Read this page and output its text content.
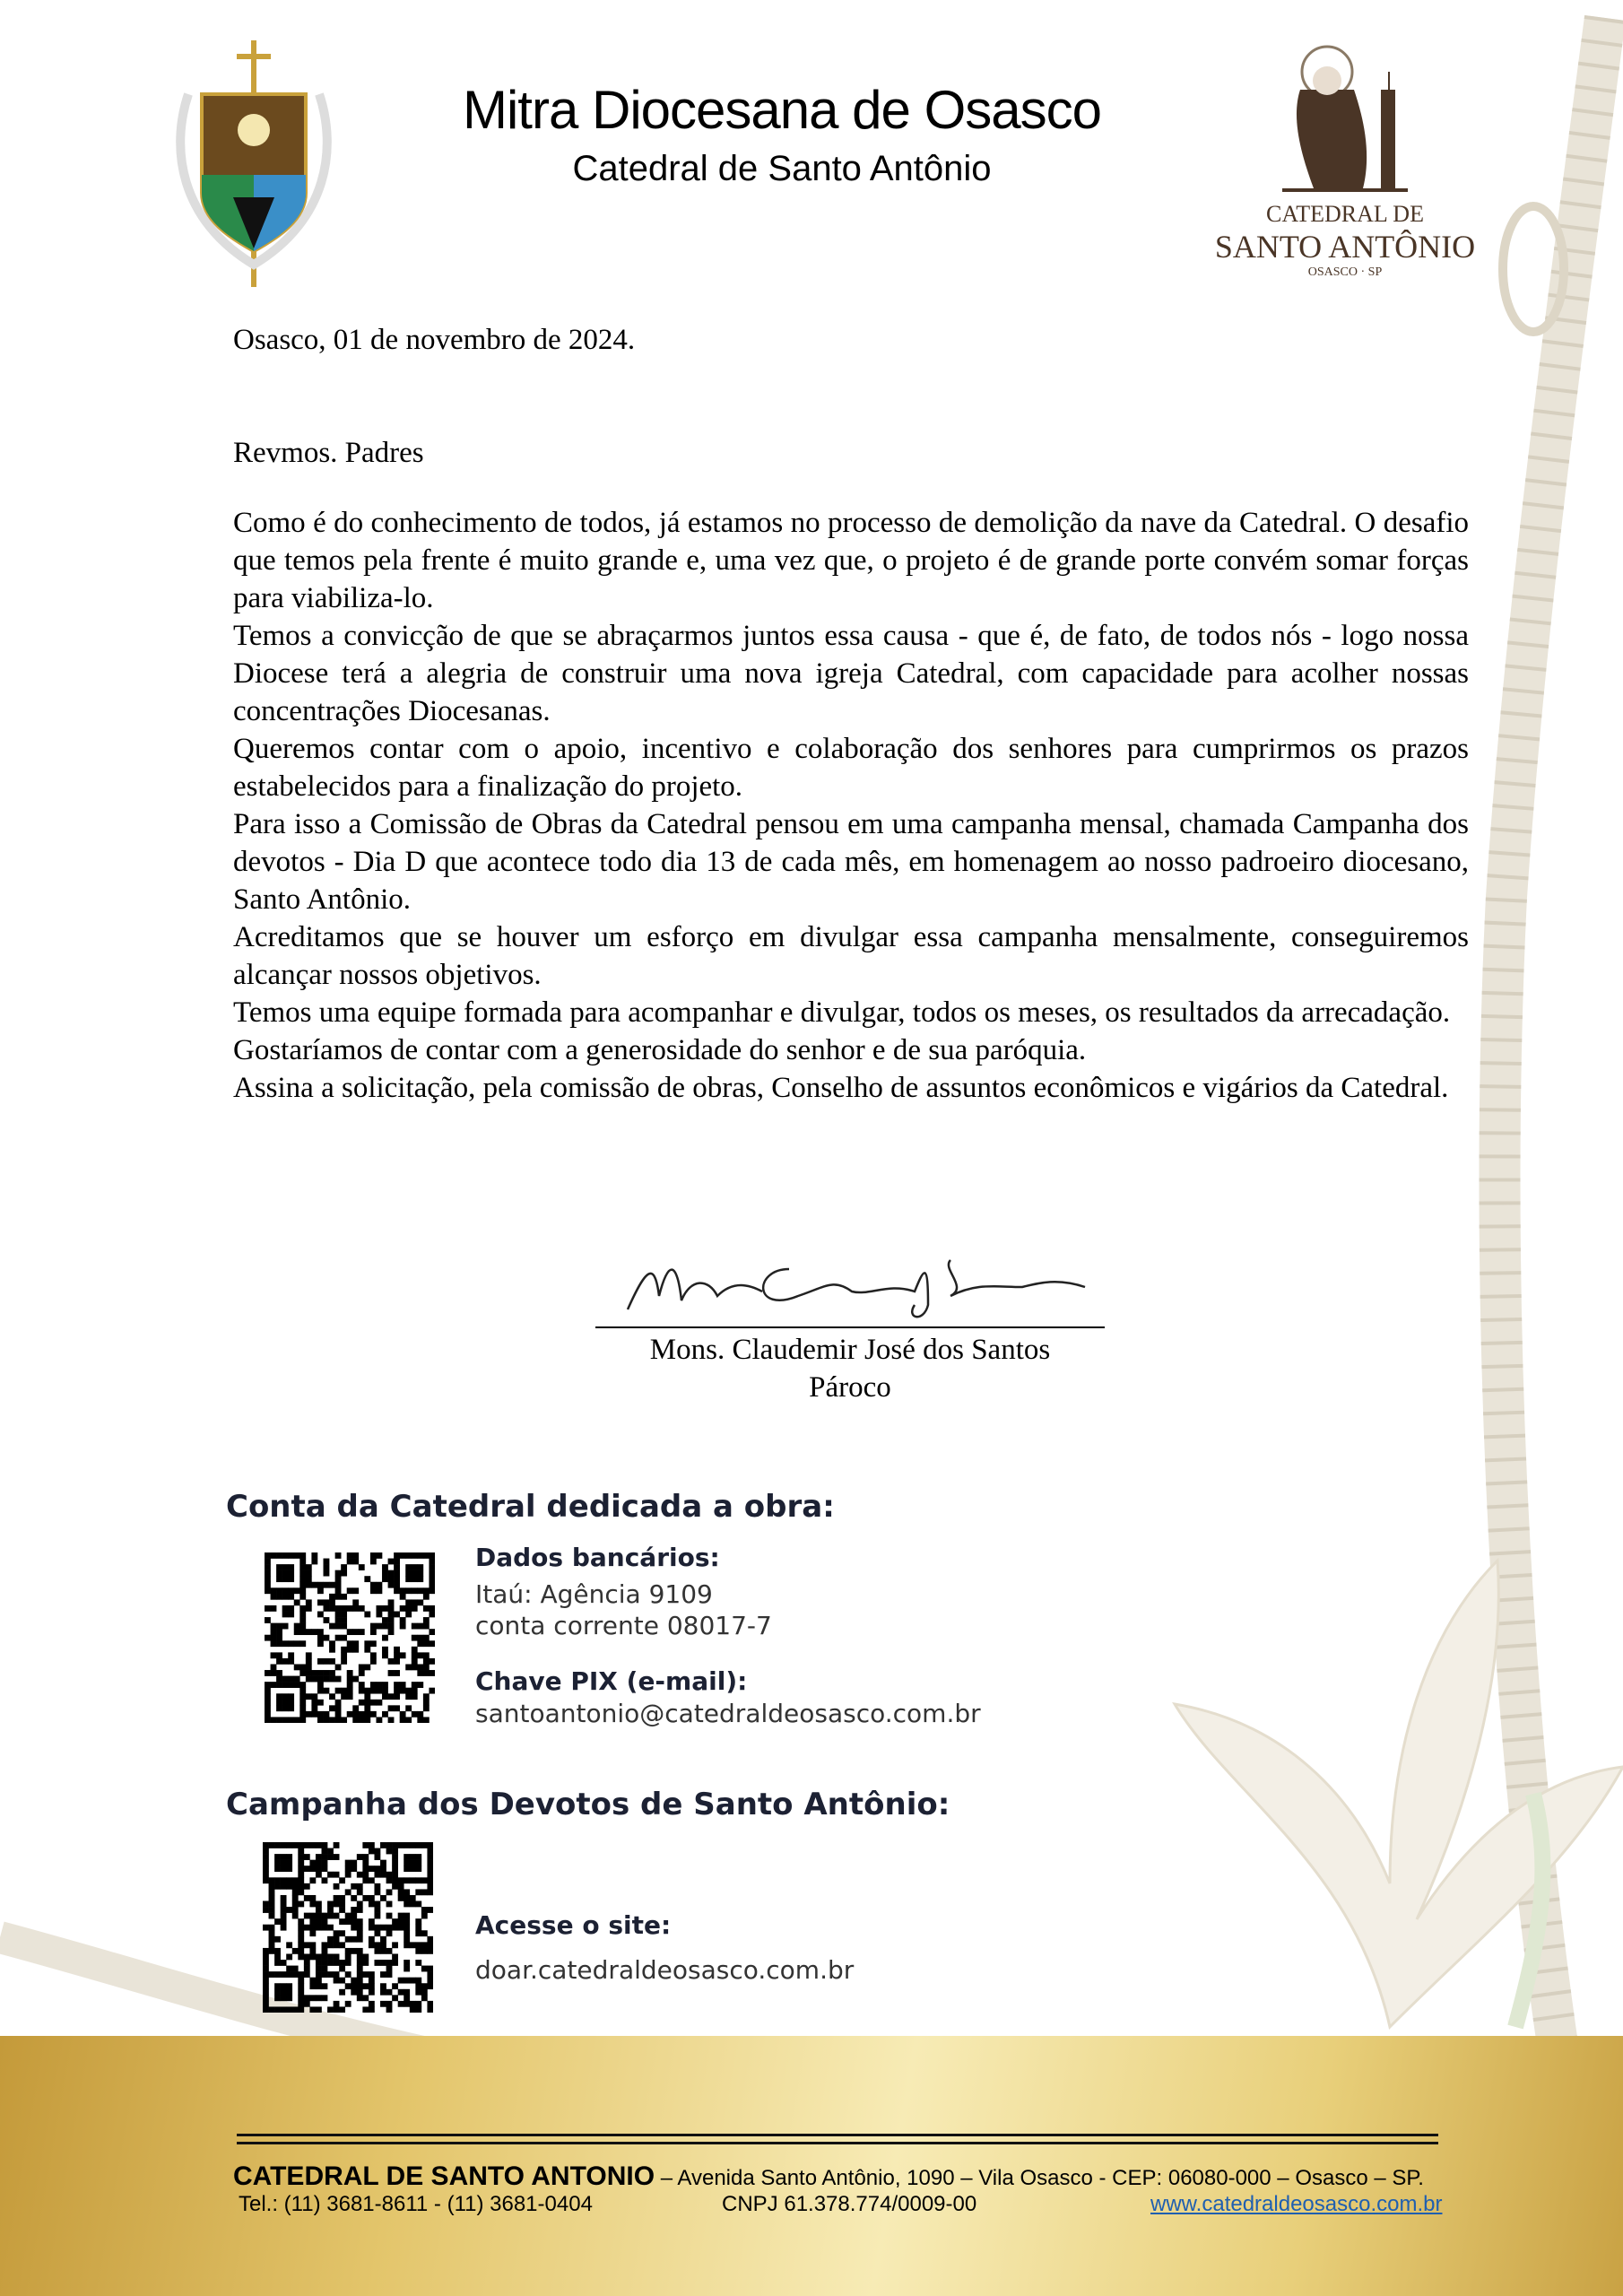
CATEDRAL DE
SANTO ANTÔNIO
OSASCO · SP
Mitra Diocesana de Osasco
Catedral de Santo Antônio
Osasco, 01 de novembro de 2024.
Revmos. Padres

Como é do conhecimento de todos, já estamos no processo de demolição da nave da Catedral. O desafio que temos pela frente é muito grande e, uma vez que, o projeto é de grande porte convém somar forças para viabiliza-lo.

Temos a convicção de que se abraçarmos juntos essa causa - que é, de fato, de todos nós - logo nossa Diocese terá a alegria de construir uma nova igreja Catedral, com capacidade para acolher nossas concentrações Diocesanas.

Queremos contar com o apoio, incentivo e colaboração dos senhores para cumprirmos os prazos estabelecidos para a finalização do projeto.

Para isso a Comissão de Obras da Catedral pensou em uma campanha mensal, chamada Campanha dos devotos - Dia D que acontece todo dia 13 de cada mês, em homenagem ao nosso padroeiro diocesano, Santo Antônio.

Acreditamos que se houver um esforço em divulgar essa campanha mensalmente, conseguiremos alcançar nossos objetivos.

Temos uma equipe formada para acompanhar e divulgar, todos os meses, os resultados da arrecadação.

Gostaríamos de contar com a generosidade do senhor e de sua paróquia.

Assina a solicitação, pela comissão de obras, Conselho de assuntos econômicos e vigários da Catedral.

Mons. Claudemir José dos Santos
Pároco
Conta da Catedral dedicada a obra:
Dados bancários:
Itaú: Agência 9109
conta corrente 08017-7
Chave PIX (e-mail):
santoantonio@catedraldeosasco.com.br
Campanha dos Devotos de Santo Antônio:
Acesse o site:
doar.catedraldeosasco.com.br
CATEDRAL DE SANTO ANTONIO – Avenida Santo Antônio, 1090 – Vila Osasco - CEP: 06080-000 – Osasco – SP.
Tel.: (11) 3681-8611 - (11) 3681-0404	CNPJ 61.378.774/0009-00	www.catedraldeosasco.com.br
